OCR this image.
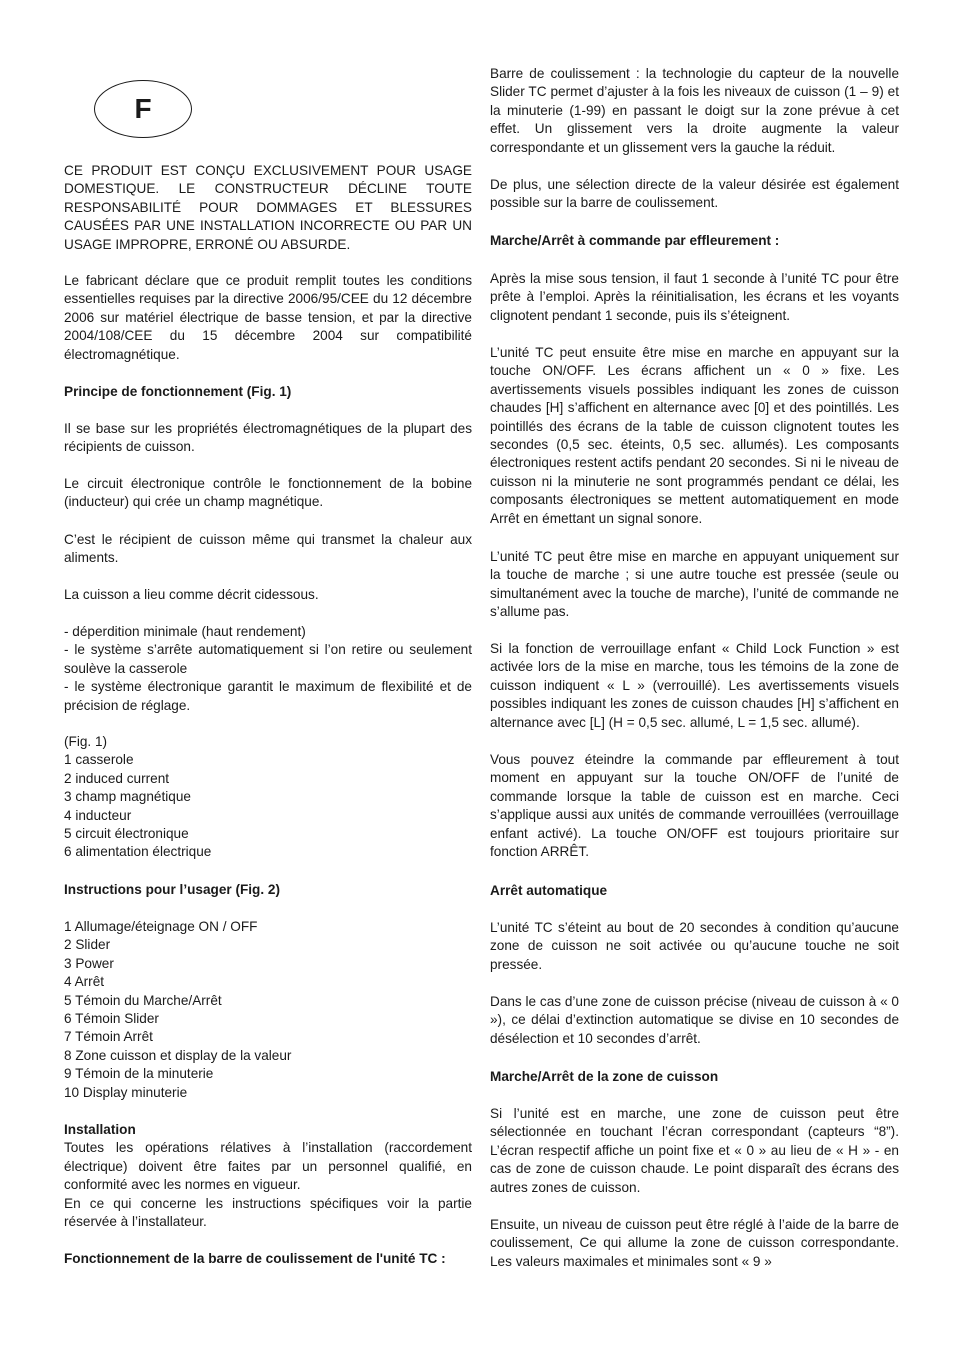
F

CE PRODUIT EST CONÇU EXCLUSIVEMENT POUR USAGE DOMESTIQUE. LE CONSTRUCTEUR DÉCLINE TOUTE RESPONSABILITÉ POUR DOMMAGES ET BLESSURES CAUSÉES PAR UNE INSTALLATION INCORRECTE OU PAR UN USAGE IMPROPRE, ERRONÉ OU ABSURDE.

Le fabricant déclare que ce produit remplit toutes les conditions essentielles requises par la directive 2006/95/CEE du 12 décembre 2006 sur matériel électrique de basse tension, et par la directive 2004/108/CEE du 15 décembre 2004 sur compatibilité électromagnétique.

Principe de fonctionnement (Fig. 1)

Il se base sur les propriétés électromagnétiques de la plupart des récipients de cuisson.

Le circuit électronique contrôle le fonctionnement de la bobine (inducteur) qui crée un champ magnétique.

C’est le récipient de cuisson même qui transmet la chaleur aux aliments.

La cuisson a lieu comme décrit cidessous.

- déperdition minimale (haut rendement)

- le système s’arrête automatiquement si l’on retire ou seulement soulève la casserole

- le système électronique garantit le maximum de flexibilité et de précision de réglage.

(Fig. 1)

1 casserole

2 induced current

3 champ magnétique

4 inducteur

5 circuit électronique

6 alimentation électrique

Instructions pour l’usager (Fig. 2)

1 Allumage/éteignage ON / OFF

2 Slider

3 Power

4 Arrêt

5 Témoin du Marche/Arrêt

6 Témoin Slider

7 Témoin Arrêt

8 Zone cuisson et display de la valeur

9 Témoin de la minuterie

10 Display minuterie

Installation

Toutes les opérations rélatives à l’installation (raccordement électrique) doivent être faites par un personnel qualifié, en conformité avec les normes en vigueur.

En ce qui concerne les instructions spécifiques voir la partie réservée à l’installateur.

Fonctionnement de la barre de coulissement de l'unité TC :

Barre de coulissement : la technologie du capteur de la nouvelle Slider TC permet d’ajuster à la fois les niveaux de cuisson (1 – 9) et la minuterie (1-99) en passant le doigt sur la zone prévue à cet effet. Un glissement vers la droite augmente la valeur correspondante et un glissement vers la gauche la réduit.

De plus, une sélection directe de la valeur désirée est également possible sur la barre de coulissement.

Marche/Arrêt à commande par effleurement :

Après la mise sous tension, il faut 1 seconde à l’unité TC pour être prête à l’emploi. Après la réinitialisation, les écrans et les voyants clignotent pendant 1 seconde, puis ils s’éteignent.

L’unité TC peut ensuite être mise en marche en appuyant sur la touche ON/OFF. Les écrans affichent un « 0 » fixe. Les avertissements visuels possibles indiquant les zones de cuisson chaudes [H] s’affichent en alternance avec [0] et des pointillés. Les pointillés des écrans de la table de cuisson clignotent toutes les secondes (0,5 sec. éteints, 0,5 sec. allumés). Les composants électroniques restent actifs pendant 20 secondes. Si ni le niveau de cuisson ni la minuterie ne sont programmés pendant ce délai, les composants électroniques se mettent automatiquement en mode Arrêt en émettant un signal sonore.

L’unité TC peut être mise en marche en appuyant uniquement sur la touche de marche ; si une autre touche est pressée (seule ou simultanément avec la touche de marche), l’unité de commande ne s’allume pas.

Si la fonction de verrouillage enfant « Child Lock Function » est activée lors de la mise en marche, tous les témoins de la zone de cuisson indiquent « L » (verrouillé). Les avertissements visuels possibles indiquant les zones de cuisson chaudes [H] s’affichent en alternance avec [L] (H = 0,5 sec. allumé, L = 1,5 sec. allumé).

Vous pouvez éteindre la commande par effleurement à tout moment en appuyant sur la touche ON/OFF de l’unité de commande lorsque la table de cuisson est en marche. Ceci s’applique aussi aux unités de commande verrouillées (verrouillage enfant activé). La touche ON/OFF est toujours prioritaire sur fonction ARRÊT.

Arrêt automatique

L’unité TC s’éteint au bout de 20 secondes à condition qu’aucune zone de cuisson ne soit activée ou qu’aucune touche ne soit pressée.

Dans le cas d’une zone de cuisson précise (niveau de cuisson à « 0 »), ce délai d’extinction automatique se divise en 10 secondes de désélection et 10 secondes d’arrêt.

Marche/Arrêt de la zone de cuisson

Si l’unité est en marche, une zone de cuisson peut être sélectionnée en touchant l’écran correspondant (capteurs “8”). L’écran respectif affiche un point fixe et « 0 » au lieu de « H » - en cas de zone de cuisson chaude. Le point disparaît des écrans des autres zones de cuisson.

Ensuite, un niveau de cuisson peut être réglé à l’aide de la barre de coulissement, Ce qui allume la zone de cuisson correspondante. Les valeurs maximales et minimales sont « 9 »
